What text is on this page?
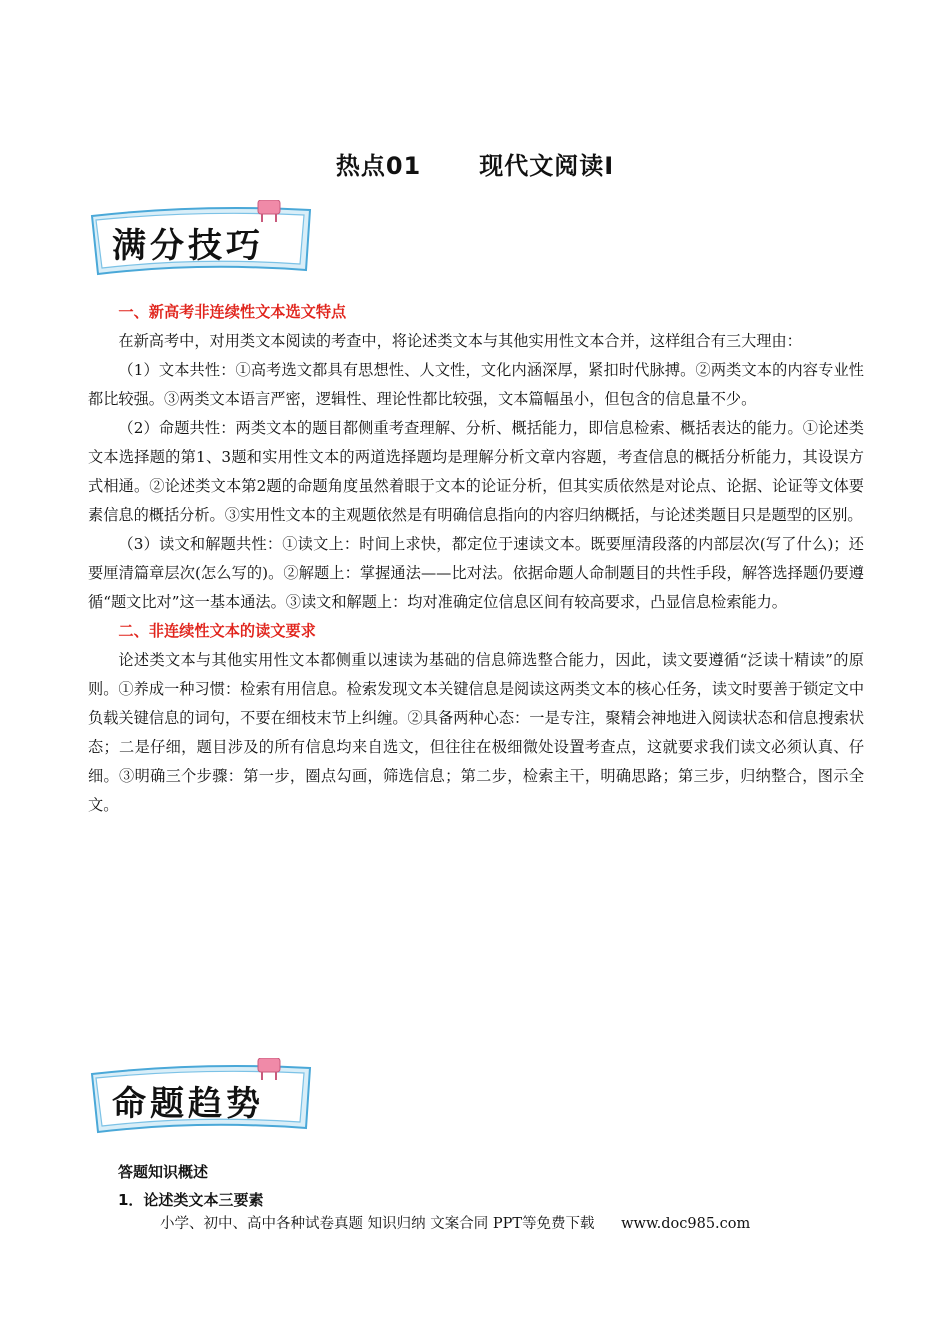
热点01 现代文阅读Ⅰ
满分技巧
一、新高考非连续性文本选文特点

在新高考中，对用类文本阅读的考查中，将论述类文本与其他实用性文本合并，这样组合有三大理由：

（1）文本共性：①高考选文都具有思想性、人文性，文化内涵深厚，紧扣时代脉搏。②两类文本的内容专业性都比较强。③两类文本语言严密，逻辑性、理论性都比较强，文本篇幅虽小，但包含的信息量不少。

（2）命题共性：两类文本的题目都侧重考查理解、分析、概括能力，即信息检索、概括表达的能力。①论述类文本选择题的第1、3题和实用性文本的两道选择题均是理解分析文章内容题，考查信息的概括分析能力，其设误方式相通。②论述类文本第2题的命题角度虽然着眼于文本的论证分析，但其实质依然是对论点、论据、论证等文体要素信息的概括分析。③实用性文本的主观题依然是有明确信息指向的内容归纳概括，与论述类题目只是题型的区别。

（3）读文和解题共性：①读文上：时间上求快，都定位于速读文本。既要厘清段落的内部层次(写了什么)；还要厘清篇章层次(怎么写的)。②解题上：掌握通法——比对法。依据命题人命制题目的共性手段，解答选择题仍要遵循“题文比对”这一基本通法。③读文和解题上：均对准确定位信息区间有较高要求，凸显信息检索能力。

二、非连续性文本的读文要求

论述类文本与其他实用性文本都侧重以速读为基础的信息筛选整合能力，因此，读文要遵循“泛读十精读”的原则。①养成一种习惯：检索有用信息。检索发现文本关键信息是阅读这两类文本的核心任务，读文时要善于锁定文中负载关键信息的词句，不要在细枝末节上纠缠。②具备两种心态：一是专注，聚精会神地进入阅读状态和信息搜索状态；二是仔细，题目涉及的所有信息均来自选文，但往往在极细微处设置考查点，这就要求我们读文必须认真、仔细。③明确三个步骤：第一步，圈点勾画，筛选信息；第二步，检索主干，明确思路；第三步，归纳整合，图示全文。

命题趋势
答题知识概述
1．论述类文本三要素
小学、初中、高中各种试卷真题 知识归纳 文案合同 PPT等免费下载 www.doc985.com
